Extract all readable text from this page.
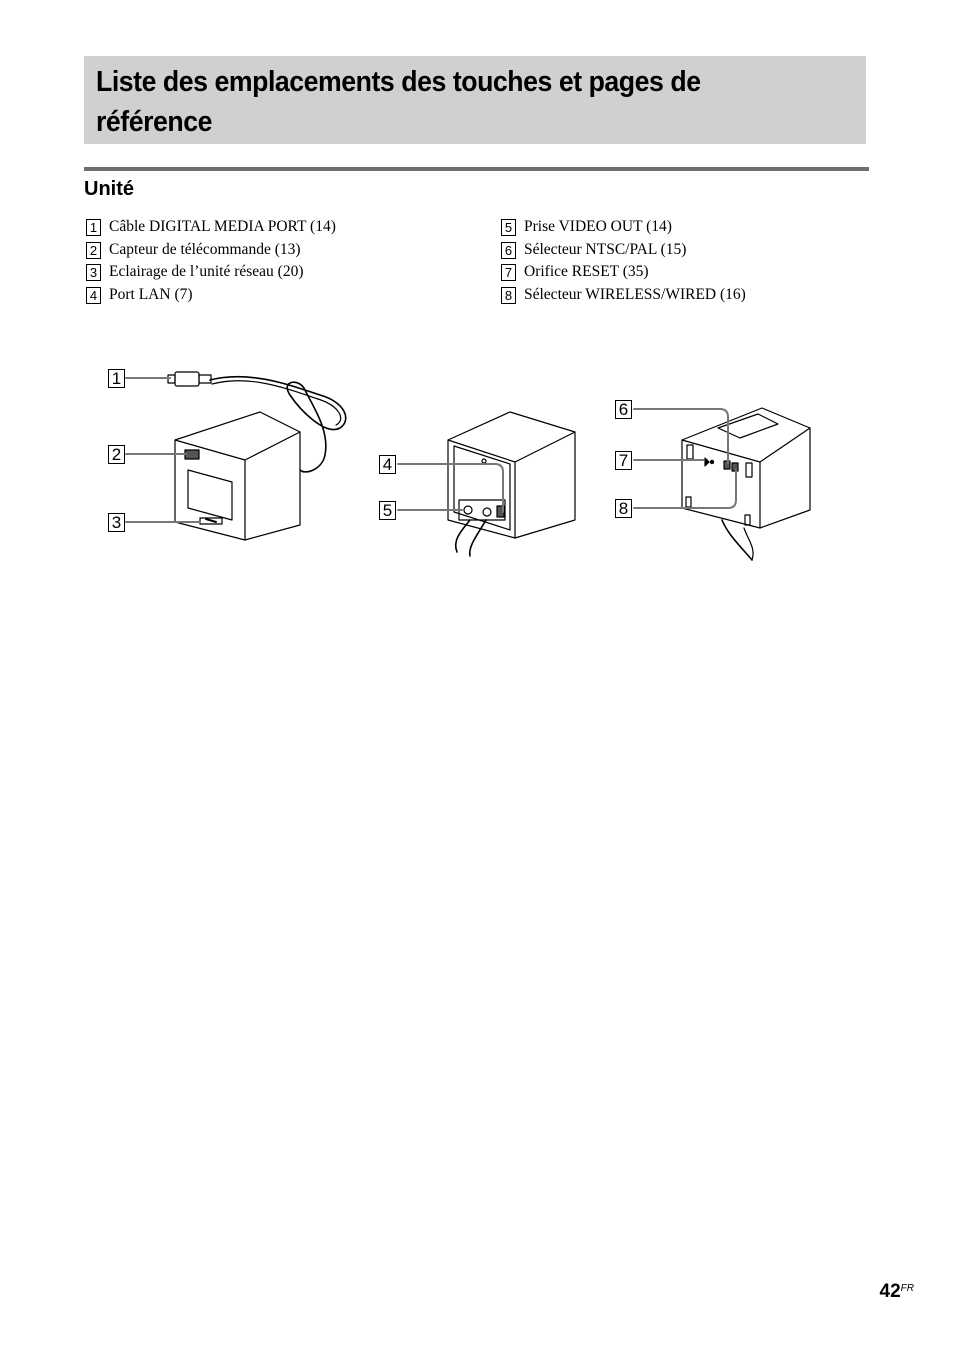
Liste des emplacements des touches et pages de référence
Unité
1 Câble DIGITAL MEDIA PORT (14)
2 Capteur de télécommande (13)
3 Eclairage de l’unité réseau (20)
4 Port LAN (7)
5 Prise VIDEO OUT (14)
6 Sélecteur NTSC/PAL (15)
7 Orifice RESET (35)
8 Sélecteur WIRELESS/WIRED (16)
1
2
3
4
5
6
7
8
$42^{FR}$
